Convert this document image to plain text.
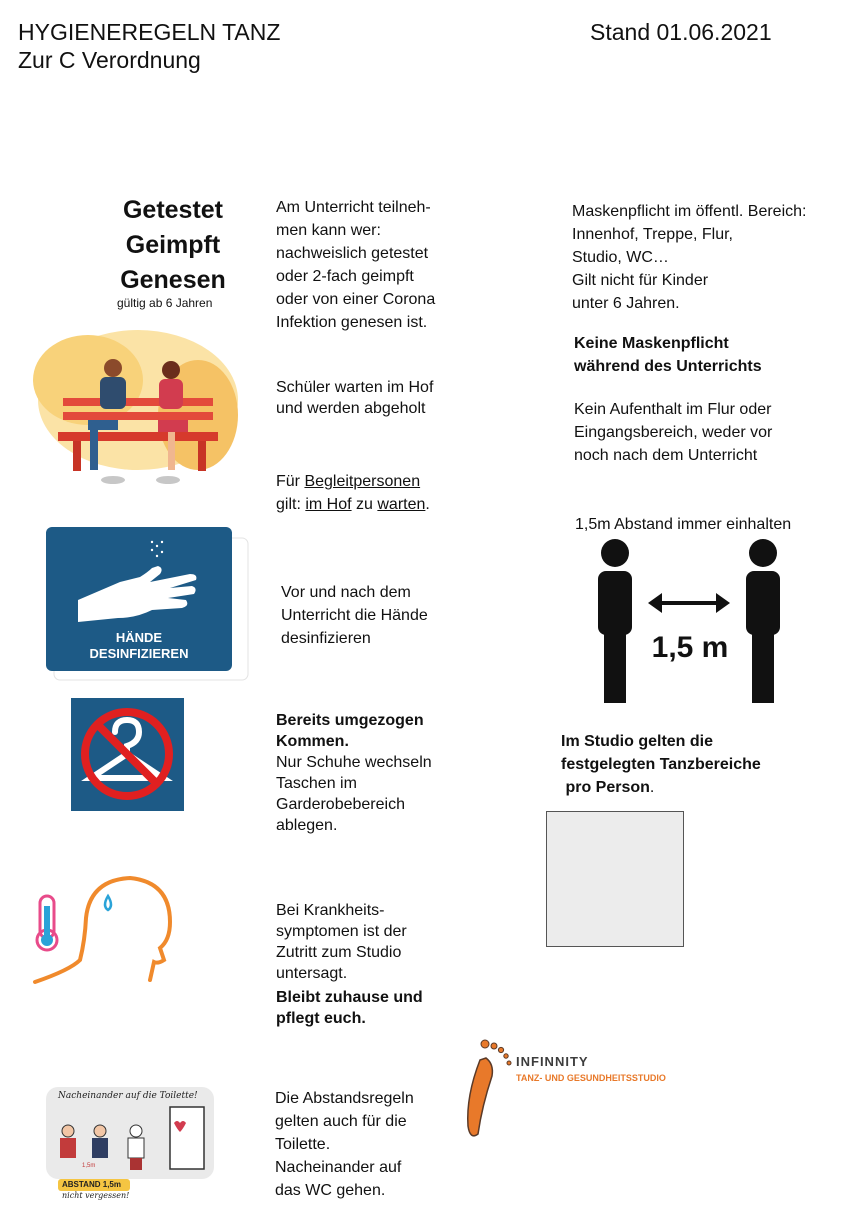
HYGIENEREGELN TANZ
Zur C Verordnung
Stand 01.06.2021
Getestet
Geimpft
Genesen
gültig ab 6 Jahren
Am Unterricht teilneh-
men kann wer:
nachweislich getestet
oder 2-fach geimpft
oder von einer Corona
Infektion genesen ist.
Schüler warten im Hof
und werden abgeholt
Für Begleitpersonen
gilt: im Hof zu warten.
HÄNDE
DESINFIZIEREN
Vor und nach dem
Unterricht die Hände
desinfizieren
Bereits umgezogen
Kommen.
Nur Schuhe wechseln
Taschen im
Garderobebereich
ablegen.
Bei Krankheits-
symptomen ist der
Zutritt zum Studio
untersagt.
Bleibt zuhause und
pflegt euch.
Nacheinander auf die Toilette!
ABSTAND 1,5m
nicht vergessen!
1,5m
Die Abstandsregeln
gelten auch für die
Toilette.
Nacheinander auf
das WC gehen.
Maskenpflicht im öffentl. Bereich:
Innenhof, Treppe, Flur,
Studio, WC…
Gilt nicht für Kinder
unter 6 Jahren.
Keine Maskenpflicht
während des Unterrichts
Kein Aufenthalt im Flur oder
Eingangsbereich, weder vor
noch nach dem Unterricht
1,5m Abstand immer einhalten
1,5 m
Im Studio gelten die
festgelegten Tanzbereiche
pro Person.
INFINNITY
TANZ- UND GESUNDHEITSSTUDIO
